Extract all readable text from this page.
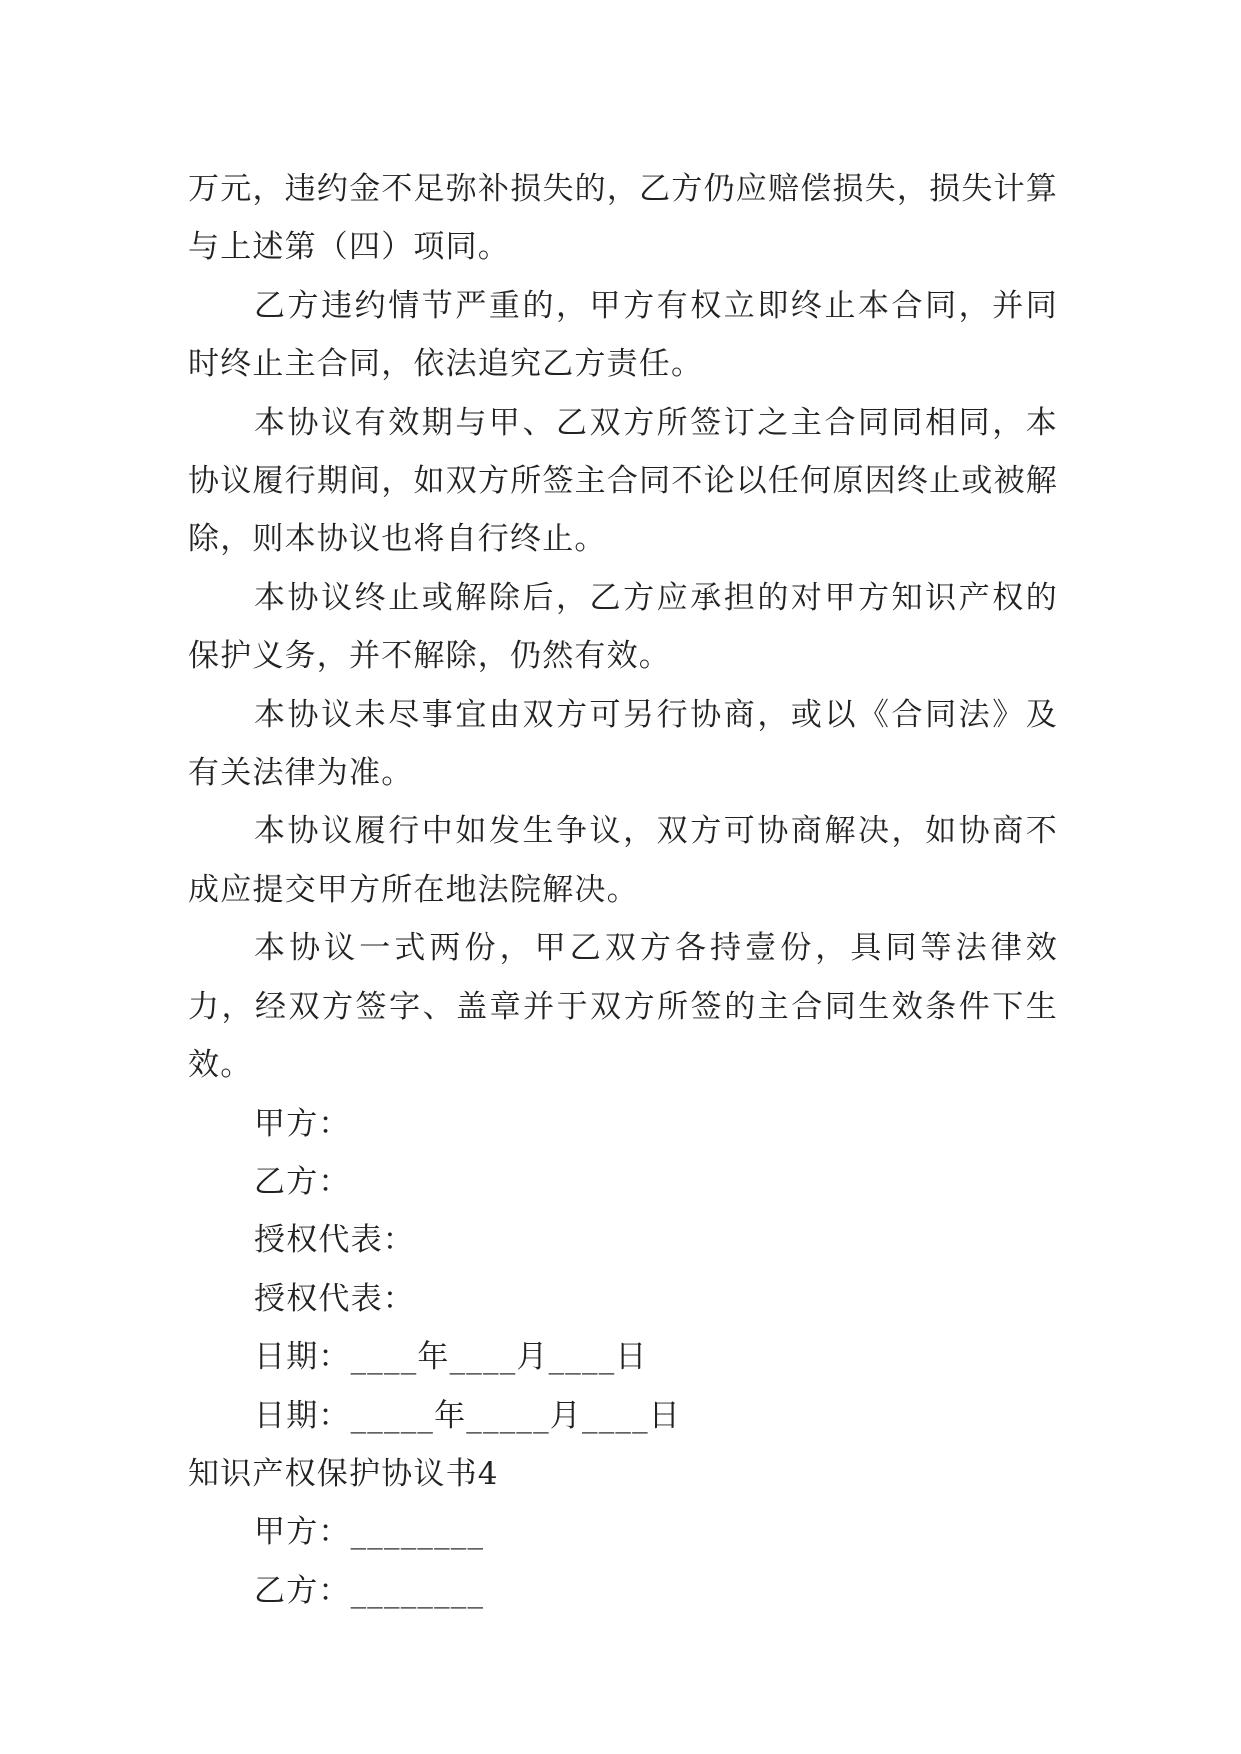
万元，违约金不足弥补损失的，乙方仍应赔偿损失，损失计算与上述第（四）项同。

乙方违约情节严重的，甲方有权立即终止本合同，并同时终止主合同，依法追究乙方责任。

本协议有效期与甲、乙双方所签订之主合同同相同，本协议履行期间，如双方所签主合同不论以任何原因终止或被解除，则本协议也将自行终止。

本协议终止或解除后，乙方应承担的对甲方知识产权的保护义务，并不解除，仍然有效。

本协议未尽事宜由双方可另行协商，或以《合同法》及有关法律为准。

本协议履行中如发生争议，双方可协商解决，如协商不成应提交甲方所在地法院解决。

本协议一式两份，甲乙双方各持壹份，具同等法律效力，经双方签字、盖章并于双方所签的主合同生效条件下生效。

甲方：

乙方：

授权代表：

授权代表：

日期：____年____月____日

日期：_____年_____月____日

知识产权保护协议书4

甲方：________

乙方：________
